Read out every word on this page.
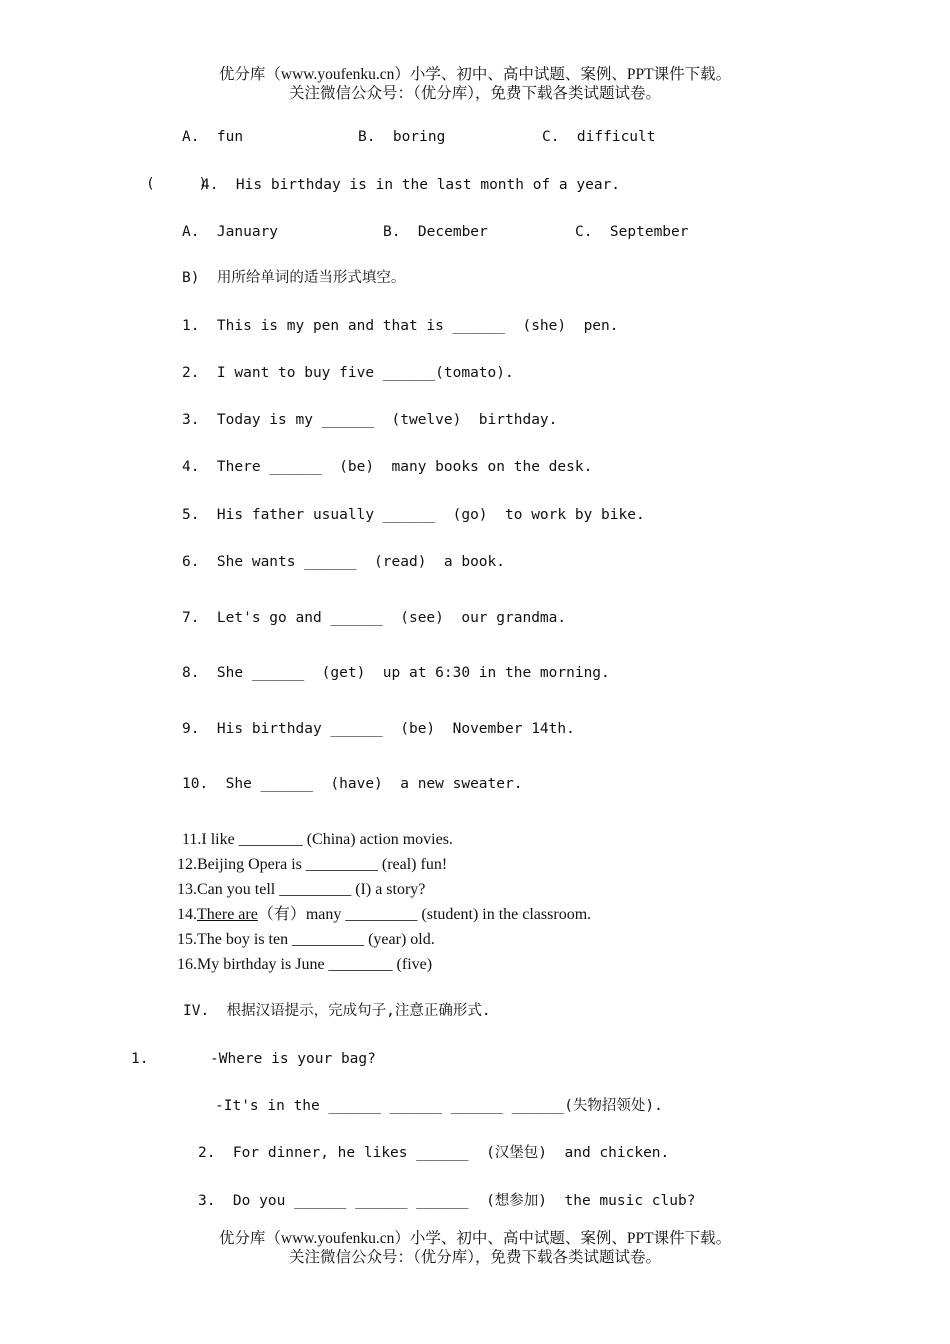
优分库（www.youfenku.cn）小学、初中、高中试题、案例、PPT课件下载。
关注微信公众号：（优分库），免费下载各类试题试卷。
A.  fun	B.  boring	C.  difficult
(     )
4.  His birthday is in the last month of a year.
A.  January	B.  December	C.  September
B)  用所给单词的适当形式填空。
1.  This is my pen and that is ______  (she)  pen.
2.  I want to buy five ______(tomato).
3.  Today is my ______  (twelve)  birthday.
4.  There ______  (be)  many books on the desk.
5.  His father usually ______  (go)  to work by bike.
6.  She wants ______  (read)  a book.
7.  Let's go and ______  (see)  our grandma.
8.  She ______  (get)  up at 6:30 in the morning.
9.  His birthday ______  (be)  November 14th.
10.  She ______  (have)  a new sweater.
11.I like ________ (China) action movies.
12.Beijing Opera is _________ (real) fun!
13.Can you tell _________ (I) a story?
14.There are（有）many _________ (student) in the classroom.
15.The boy is ten _________ (year) old.
16.My birthday is June ________ (five)
IV.  根据汉语提示，完成句子,注意正确形式.
1.	-Where is your bag?
-It's in the ______ ______ ______ ______(失物招领处).
2.  For dinner, he likes ______  (汉堡包)  and chicken.
3.  Do you ______ ______ ______  (想参加)  the music club?
优分库（www.youfenku.cn）小学、初中、高中试题、案例、PPT课件下载。
关注微信公众号：（优分库），免费下载各类试题试卷。
